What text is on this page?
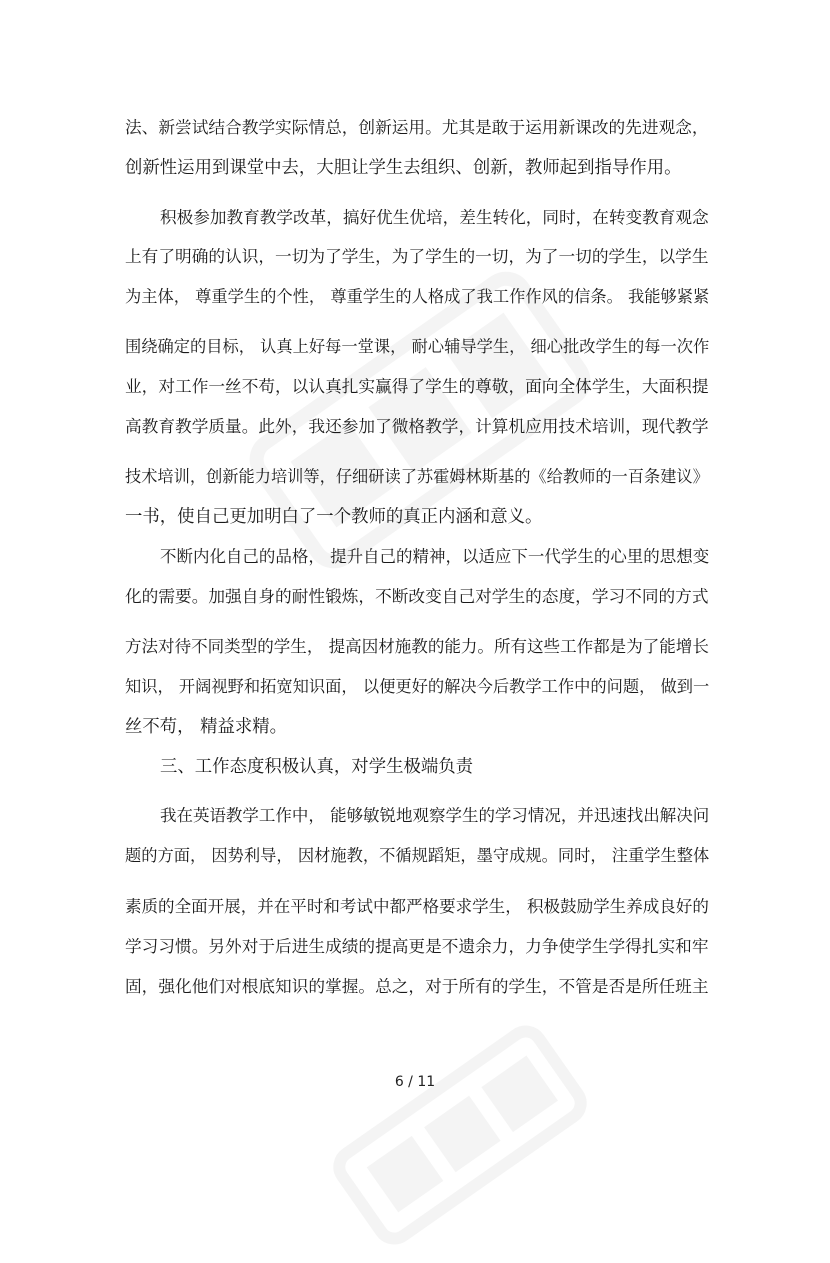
法、新尝试结合教学实际情总，创新运用。尤其是敢于运用新课改的先进观念，
创新性运用到课堂中去，大胆让学生去组织、创新，教师起到指导作用。
积极参加教育教学改革，搞好优生优培，差生转化，同时，在转变教育观念
上有了明确的认识，一切为了学生，为了学生的一切，为了一切的学生，以学生
为主体， 尊重学生的个性， 尊重学生的人格成了我工作作风的信条。 我能够紧紧
围绕确定的目标， 认真上好每一堂课， 耐心辅导学生， 细心批改学生的每一次作
业，对工作一丝不苟，以认真扎实赢得了学生的尊敬，面向全体学生，大面积提
高教育教学质量。此外，我还参加了微格教学，计算机应用技术培训，现代教学
技术培训，创新能力培训等，仔细研读了苏霍姆林斯基的《给教师的一百条建议》
一书，使自己更加明白了一个教师的真正内涵和意义。
不断内化自己的品格， 提升自己的精神，以适应下一代学生的心里的思想变
化的需要。加强自身的耐性锻炼，不断改变自己对学生的态度，学习不同的方式
方法对待不同类型的学生， 提高因材施教的能力。所有这些工作都是为了能增长
知识， 开阔视野和拓宽知识面， 以便更好的解决今后教学工作中的问题， 做到一
丝不苟， 精益求精。
三、工作态度积极认真，对学生极端负责
我在英语教学工作中， 能够敏锐地观察学生的学习情况，并迅速找出解决问
题的方面， 因势利导， 因材施教，不循规蹈矩，墨守成规。同时， 注重学生整体
素质的全面开展，并在平时和考试中都严格要求学生， 积极鼓励学生养成良好的
学习习惯。另外对于后进生成绩的提高更是不遗余力，力争使学生学得扎实和牢
固，强化他们对根底知识的掌握。总之，对于所有的学生，不管是否是所任班主
6 / 11
